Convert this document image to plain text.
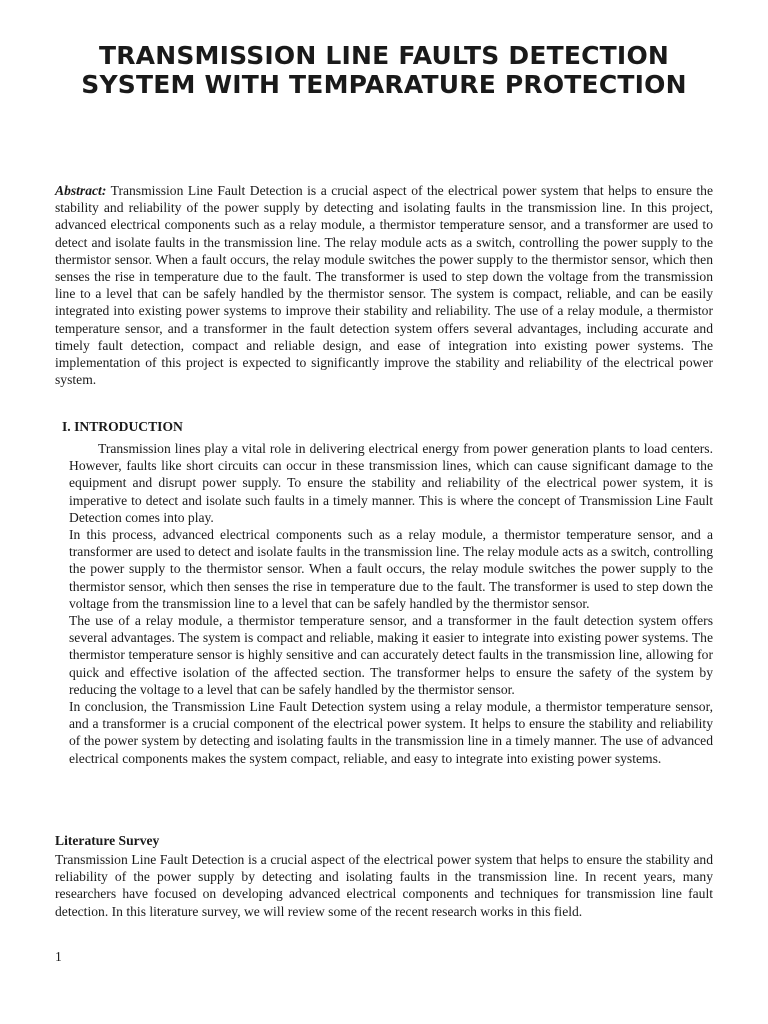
TRANSMISSION LINE FAULTS DETECTION
SYSTEM WITH TEMPARATURE PROTECTION

Abstract: Transmission Line Fault Detection is a crucial aspect of the electrical power system that helps to ensure the stability and reliability of the power supply by detecting and isolating faults in the transmission line. In this project, advanced electrical components such as a relay module, a thermistor temperature sensor, and a transformer are used to detect and isolate faults in the transmission line. The relay module acts as a switch, controlling the power supply to the thermistor sensor. When a fault occurs, the relay module switches the power supply to the thermistor sensor, which then senses the rise in temperature due to the fault. The transformer is used to step down the voltage from the transmission line to a level that can be safely handled by the thermistor sensor. The system is compact, reliable, and can be easily integrated into existing power systems to improve their stability and reliability. The use of a relay module, a thermistor temperature sensor, and a transformer in the fault detection system offers several advantages, including accurate and timely fault detection, compact and reliable design, and ease of integration into existing power systems. The implementation of this project is expected to significantly improve the stability and reliability of the electrical power system.

I. INTRODUCTION

Transmission lines play a vital role in delivering electrical energy from power generation plants to load centers. However, faults like short circuits can occur in these transmission lines, which can cause significant damage to the equipment and disrupt power supply. To ensure the stability and reliability of the electrical power system, it is imperative to detect and isolate such faults in a timely manner. This is where the concept of Transmission Line Fault Detection comes into play.

In this process, advanced electrical components such as a relay module, a thermistor temperature sensor, and a transformer are used to detect and isolate faults in the transmission line. The relay module acts as a switch, controlling the power supply to the thermistor sensor. When a fault occurs, the relay module switches the power supply to the thermistor sensor, which then senses the rise in temperature due to the fault. The transformer is used to step down the voltage from the transmission line to a level that can be safely handled by the thermistor sensor.

The use of a relay module, a thermistor temperature sensor, and a transformer in the fault detection system offers several advantages. The system is compact and reliable, making it easier to integrate into existing power systems. The thermistor temperature sensor is highly sensitive and can accurately detect faults in the transmission line, allowing for quick and effective isolation of the affected section. The transformer helps to ensure the safety of the system by reducing the voltage to a level that can be safely handled by the thermistor sensor.

In conclusion, the Transmission Line Fault Detection system using a relay module, a thermistor temperature sensor, and a transformer is a crucial component of the electrical power system. It helps to ensure the stability and reliability of the power system by detecting and isolating faults in the transmission line in a timely manner. The use of advanced electrical components makes the system compact, reliable, and easy to integrate into existing power systems.

Literature Survey

Transmission Line Fault Detection is a crucial aspect of the electrical power system that helps to ensure the stability and reliability of the power supply by detecting and isolating faults in the transmission line. In recent years, many researchers have focused on developing advanced electrical components and techniques for transmission line fault detection. In this literature survey, we will review some of the recent research works in this field.

1
